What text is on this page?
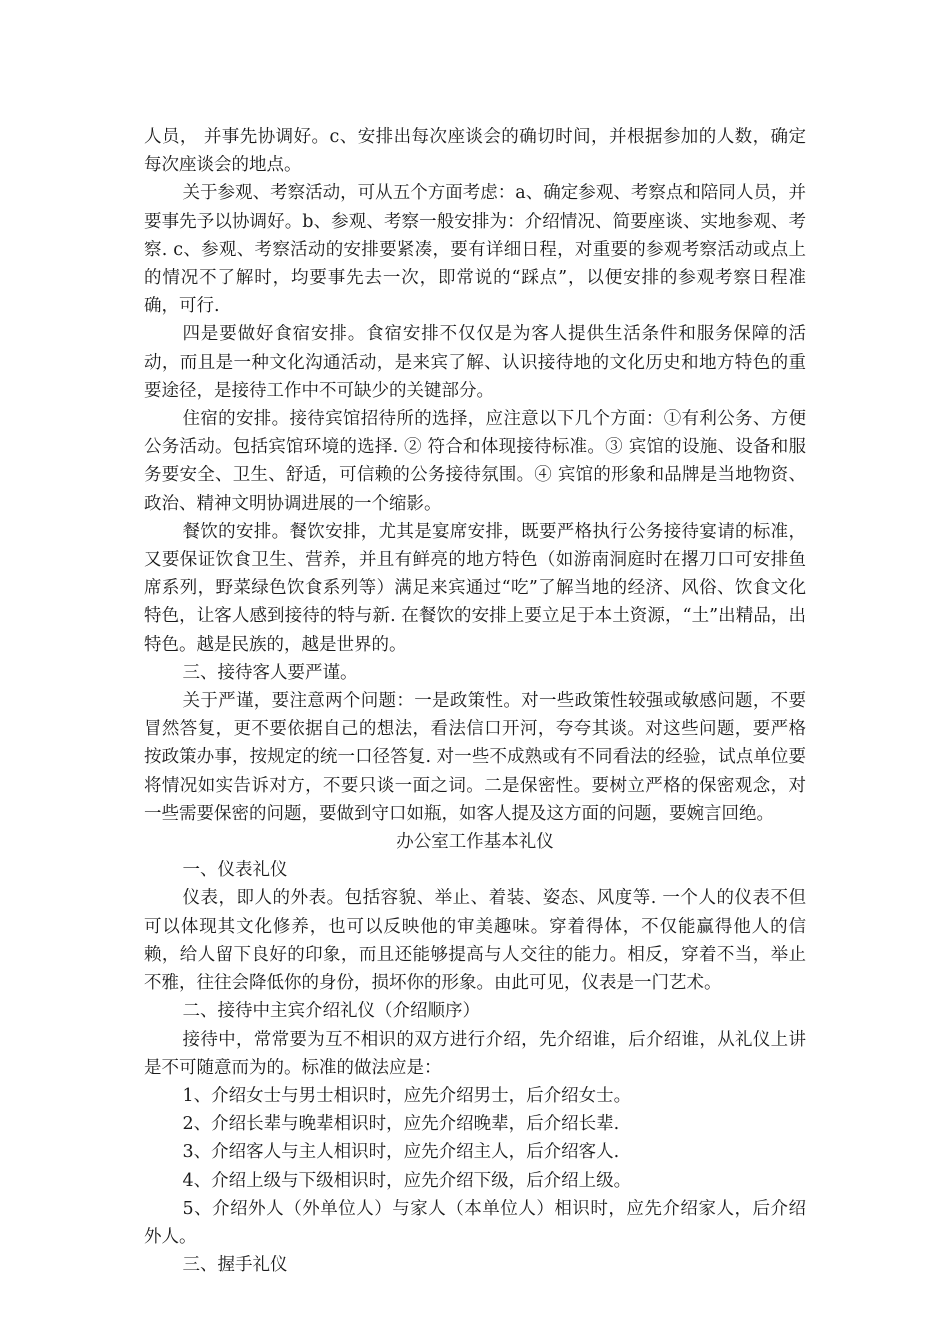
人员， 并事先协调好。c、安排出每次座谈会的确切时间，并根据参加的人数，确定每次座谈会的地点。

关于参观、考察活动，可从五个方面考虑：a、确定参观、考察点和陪同人员，并要事先予以协调好。b、参观、考察一般安排为：介绍情况、简要座谈、实地参观、考察. c、参观、考察活动的安排要紧凑，要有详细日程，对重要的参观考察活动或点上的情况不了解时，均要事先去一次，即常说的“踩点”，以便安排的参观考察日程准确，可行.

四是要做好食宿安排。食宿安排不仅仅是为客人提供生活条件和服务保障的活动，而且是一种文化沟通活动，是来宾了解、认识接待地的文化历史和地方特色的重要途径，是接待工作中不可缺少的关键部分。

住宿的安排。接待宾馆招待所的选择，应注意以下几个方面：①有利公务、方便公务活动。包括宾馆环境的选择. ② 符合和体现接待标准。③ 宾馆的设施、设备和服务要安全、卫生、舒适，可信赖的公务接待氛围。④ 宾馆的形象和品牌是当地物资、政治、精神文明协调进展的一个缩影。

餐饮的安排。餐饮安排，尤其是宴席安排，既要严格执行公务接待宴请的标准，又要保证饮食卫生、营养，并且有鲜亮的地方特色（如游南洞庭时在撂刀口可安排鱼席系列，野菜绿色饮食系列等）满足来宾通过“吃”了解当地的经济、风俗、饮食文化特色，让客人感到接待的特与新. 在餐饮的安排上要立足于本土资源，“土”出精品，出特色。越是民族的，越是世界的。

三、接待客人要严谨。

关于严谨，要注意两个问题：一是政策性。对一些政策性较强或敏感问题，不要冒然答复，更不要依据自己的想法，看法信口开河，夸夸其谈。对这些问题，要严格按政策办事，按规定的统一口径答复. 对一些不成熟或有不同看法的经验，试点单位要将情况如实告诉对方，不要只谈一面之词。二是保密性。要树立严格的保密观念，对一些需要保密的问题，要做到守口如瓶，如客人提及这方面的问题，要婉言回绝。

办公室工作基本礼仪

一、仪表礼仪

仪表，即人的外表。包括容貌、举止、着装、姿态、风度等. 一个人的仪表不但可以体现其文化修养，也可以反映他的审美趣味。穿着得体，不仅能赢得他人的信赖，给人留下良好的印象，而且还能够提高与人交往的能力。相反，穿着不当，举止不雅，往往会降低你的身份，损坏你的形象。由此可见，仪表是一门艺术。

二、接待中主宾介绍礼仪（介绍顺序）

接待中，常常要为互不相识的双方进行介绍，先介绍谁，后介绍谁，从礼仪上讲是不可随意而为的。标准的做法应是：

1、介绍女士与男士相识时，应先介绍男士，后介绍女士。

2、介绍长辈与晚辈相识时，应先介绍晚辈，后介绍长辈.

3、介绍客人与主人相识时，应先介绍主人，后介绍客人.

4、介绍上级与下级相识时，应先介绍下级，后介绍上级。

5、介绍外人（外单位人）与家人（本单位人）相识时，应先介绍家人，后介绍外人。

三、握手礼仪
